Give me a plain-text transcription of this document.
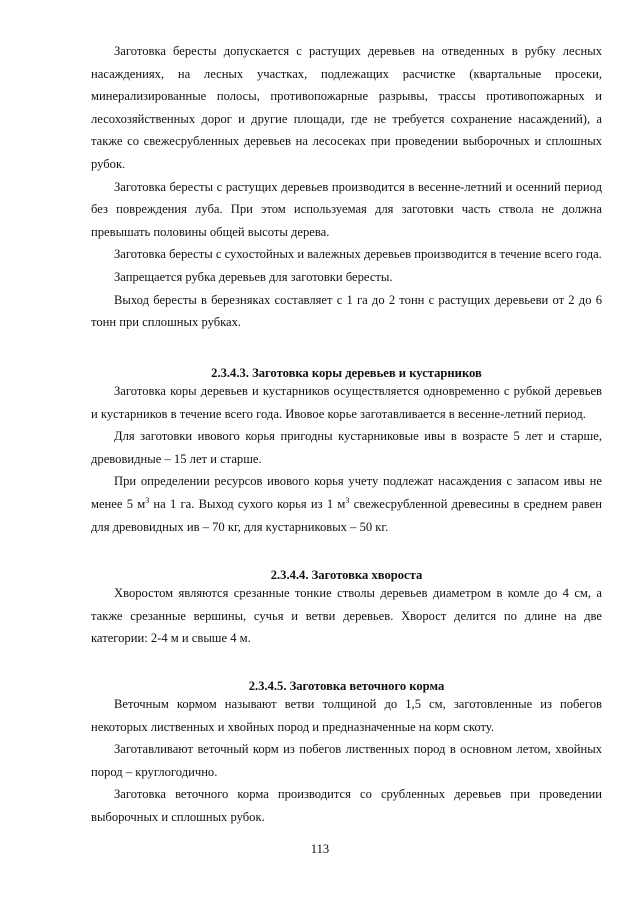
Заготовка бересты допускается с растущих деревьев на отведенных в рубку лесных насаждениях, на лесных участках, подлежащих расчистке (квартальные просеки, минерализированные полосы, противопожарные разрывы, трассы противопожарных и лесохозяйственных дорог и другие площади, где не требуется сохранение насаждений), а также со свежесрубленных деревьев на лесосеках при проведении выборочных и сплошных рубок.

Заготовка бересты с растущих деревьев производится в весенне-летний и осенний период без повреждения луба. При этом используемая для заготовки часть ствола не должна превышать половины общей высоты дерева.

Заготовка бересты с сухостойных и валежных деревьев производится в течение всего года.

Запрещается рубка деревьев для заготовки бересты.

Выход бересты в березняках составляет с 1 га до 2 тонн с растущих деревьеви от 2 до 6 тонн при сплошных рубках.

2.3.4.3. Заготовка коры деревьев и кустарников

Заготовка коры деревьев и кустарников осуществляется одновременно с рубкой деревьев и кустарников в течение всего года. Ивовое корье заготавливается в весенне-летний период.

Для заготовки ивового корья пригодны кустарниковые ивы в возрасте 5 лет и старше, древовидные – 15 лет и старше.

При определении ресурсов ивового корья учету подлежат насаждения с запасом ивы не менее 5 $м^3$ на 1 га. Выход сухого корья из 1 $м^3$ свежесрубленной древесины в среднем равен для древовидных ив – 70 кг, для кустарниковых – 50 кг.

2.3.4.4. Заготовка хвороста

Хворостом являются срезанные тонкие стволы деревьев диаметром в комле до 4 см, а также срезанные вершины, сучья и ветви деревьев. Хворост делится по длине на две категории: 2-4 м и свыше 4 м.

2.3.4.5. Заготовка веточного корма

Веточным кормом называют ветви толщиной до 1,5 см, заготовленные из побегов некоторых лиственных и хвойных пород и предназначенные на корм скоту.

Заготавливают веточный корм из побегов лиственных пород в основном летом, хвойных пород – круглогодично.

Заготовка веточного корма производится со срубленных деревьев при проведении выборочных и сплошных рубок.

113
